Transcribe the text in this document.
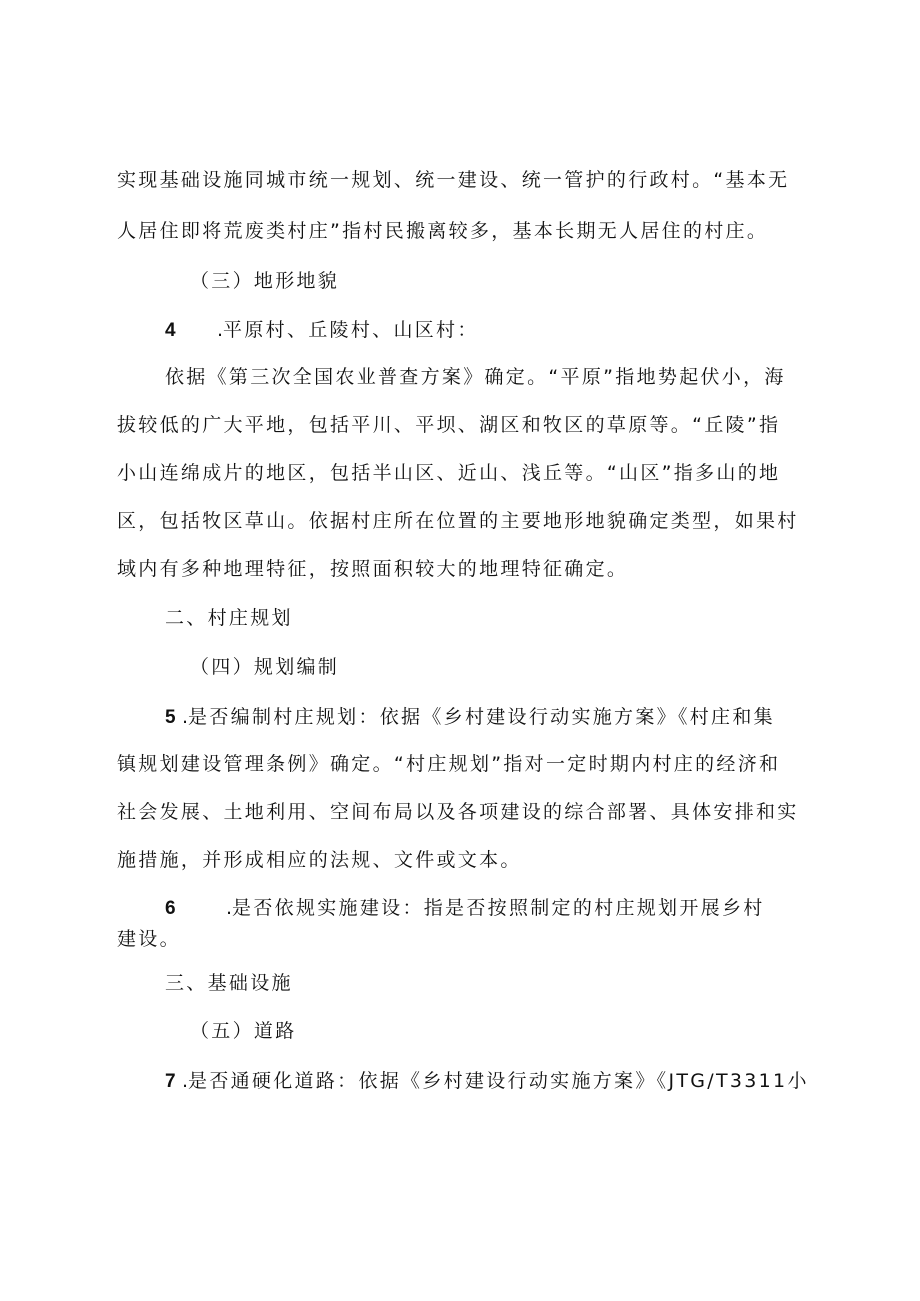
实现基础设施同城市统一规划、统一建设、统一管护的行政村。“基本无
人居住即将荒废类村庄”指村民搬离较多，基本长期无人居住的村庄。
（三）地形地貌
4 .平原村、丘陵村、山区村：
依据《第三次全国农业普查方案》确定。“平原”指地势起伏小，海
拔较低的广大平地，包括平川、平坝、湖区和牧区的草原等。“丘陵”指
小山连绵成片的地区，包括半山区、近山、浅丘等。“山区”指多山的地
区，包括牧区草山。依据村庄所在位置的主要地形地貌确定类型，如果村
域内有多种地理特征，按照面积较大的地理特征确定。
二、村庄规划
（四）规划编制
5 .是否编制村庄规划：依据《乡村建设行动实施方案》《村庄和集
镇规划建设管理条例》确定。“村庄规划”指对一定时期内村庄的经济和
社会发展、土地利用、空间布局以及各项建设的综合部署、具体安排和实
施措施，并形成相应的法规、文件或文本。
6	.是否依规实施建设：指是否按照制定的村庄规划开展乡村
建设。
三、基础设施
（五）道路
7 .是否通硬化道路：依据《乡村建设行动实施方案》《JTG/T3311小
